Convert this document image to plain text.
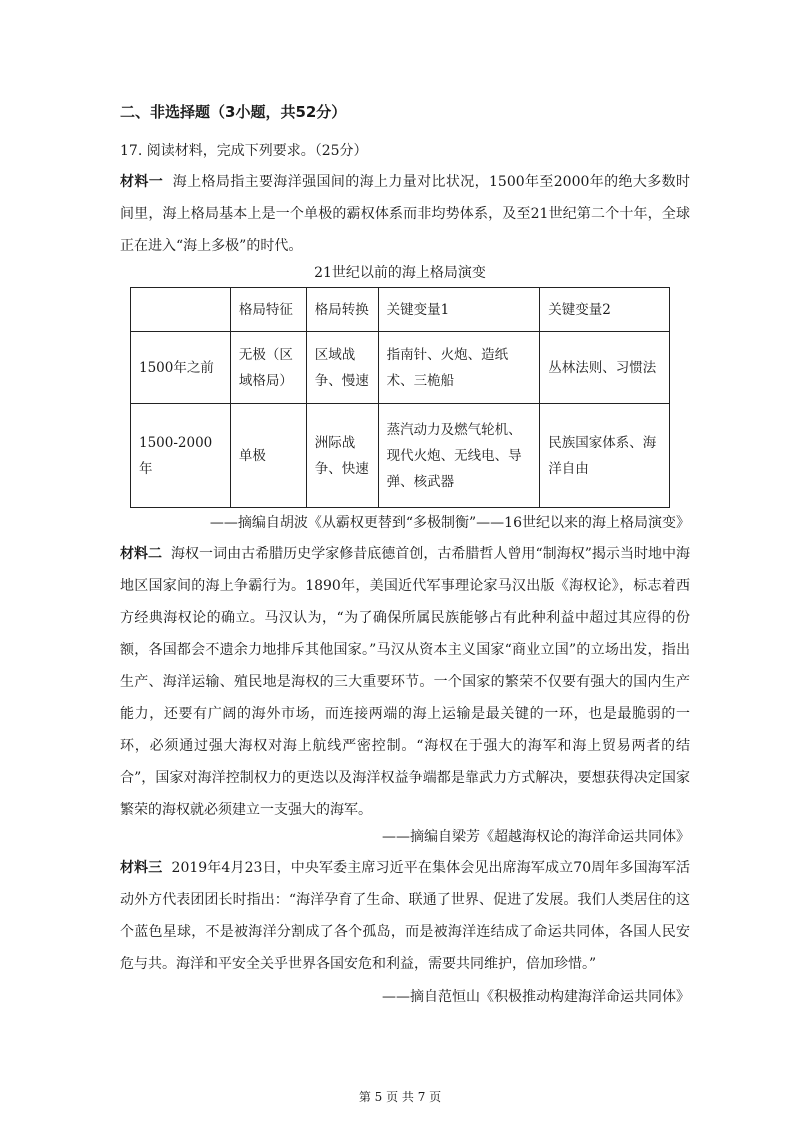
二、非选择题（3小题，共52分）
17. 阅读材料，完成下列要求。（25分）
材料一 海上格局指主要海洋强国间的海上力量对比状况，1500年至2000年的绝大多数时间里，海上格局基本上是一个单极的霸权体系而非均势体系，及至21世纪第二个十年，全球正在进入“海上多极”的时代。
21世纪以前的海上格局演变
	格局特征	格局转换	关键变量1	关键变量2
1500年之前	无极（区域格局）	区域战争、慢速	指南针、火炮、造纸术、三桅船	丛林法则、习惯法
1500-2000年	单极	洲际战争、快速	蒸汽动力及燃气轮机、现代火炮、无线电、导弹、核武器	民族国家体系、海洋自由
——摘编自胡波《从霸权更替到“多极制衡”——16世纪以来的海上格局演变》
材料二 海权一词由古希腊历史学家修昔底德首创，古希腊哲人曾用“制海权”揭示当时地中海地区国家间的海上争霸行为。1890年，美国近代军事理论家马汉出版《海权论》，标志着西方经典海权论的确立。马汉认为，“为了确保所属民族能够占有此种利益中超过其应得的份额，各国都会不遗余力地排斥其他国家。”马汉从资本主义国家“商业立国”的立场出发，指出生产、海洋运输、殖民地是海权的三大重要环节。一个国家的繁荣不仅要有强大的国内生产能力，还要有广阔的海外市场，而连接两端的海上运输是最关键的一环，也是最脆弱的一环，必须通过强大海权对海上航线严密控制。“海权在于强大的海军和海上贸易两者的结合”，国家对海洋控制权力的更迭以及海洋权益争端都是靠武力方式解决，要想获得决定国家繁荣的海权就必须建立一支强大的海军。
——摘编自梁芳《超越海权论的海洋命运共同体》
材料三 2019年4月23日，中央军委主席习近平在集体会见出席海军成立70周年多国海军活动外方代表团团长时指出：“海洋孕育了生命、联通了世界、促进了发展。我们人类居住的这个蓝色星球，不是被海洋分割成了各个孤岛，而是被海洋连结成了命运共同体，各国人民安危与共。海洋和平安全关乎世界各国安危和利益，需要共同维护，倍加珍惜。”
——摘自范恒山《积极推动构建海洋命运共同体》
第 5 页 共 7 页
